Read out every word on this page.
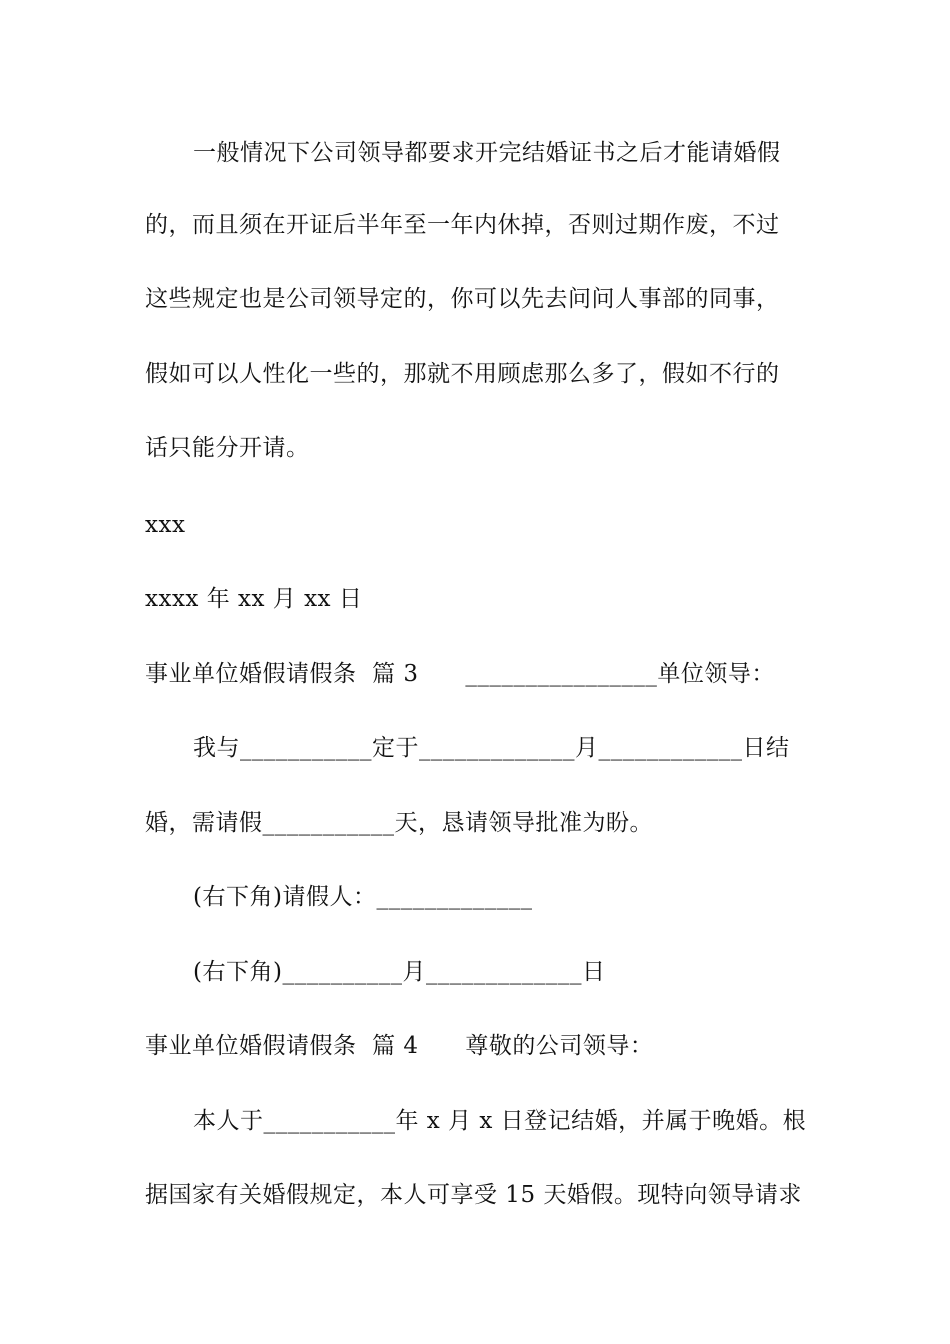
一般情况下公司领导都要求开完结婚证书之后才能请婚假
的，而且须在开证后半年至一年内休掉，否则过期作废，不过
这些规定也是公司领导定的，你可以先去问问人事部的同事，
假如可以人性化一些的，那就不用顾虑那么多了，假如不行的
话只能分开请。
xxx
xxxx 年 xx 月 xx 日
事业单位婚假请假条  篇 3      ________________单位领导：
我与___________定于_____________月____________日结
婚，需请假___________天，恳请领导批准为盼。
(右下角)请假人：_____________
(右下角)__________月_____________日
事业单位婚假请假条  篇 4      尊敬的公司领导：
本人于___________年 x 月 x 日登记结婚，并属于晚婚。根
据国家有关婚假规定，本人可享受 15 天婚假。现特向领导请求
